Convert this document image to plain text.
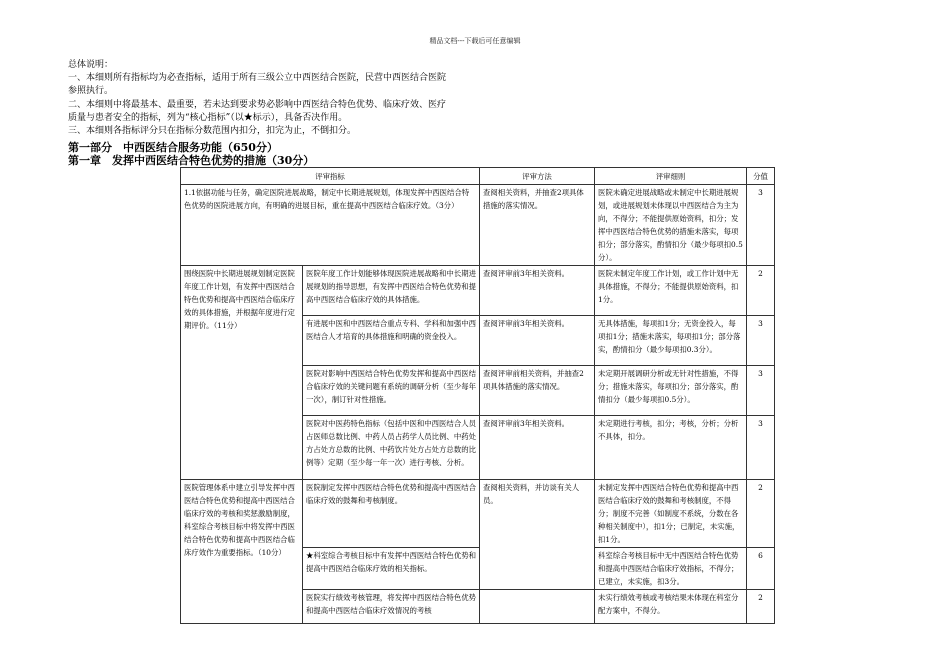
精品文档---下载后可任意编辑
总体说明：
一、本细则所有指标均为必查指标，适用于所有三级公立中西医结合医院，民营中西医结合医院
参照执行。
二、本细则中将最基本、最重要，若未达到要求势必影响中西医结合特色优势、临床疗效、医疗
质量与患者安全的指标，列为“核心指标”（以★标示），具备否决作用。
三、本细则各指标评分只在指标分数范围内扣分，扣完为止，不倒扣分。
第一部分　中西医结合服务功能（650分）
第一章　发挥中西医结合特色优势的措施（30分）
评审指标		评审方法	评审细则	分值
1.1依据功能与任务，确定医院进展战略，制定中长期进展规划，体现发挥中西医结合特色优势的医院进展方向，有明确的进展目标，重在提高中西医结合临床疗效。（3分）		查阅相关资料，并抽查2项具体措施的落实情况。	医院未确定进展战略或未制定中长期进展规划，或进展规划未体现以中西医结合为主为向，不得分；不能提供原始资料，扣分；发挥中西医结合特色优势的措施未落实，每项扣分；部分落实，酌情扣分（最少每项扣0.5分）。	3
围绕医院中长期进展规划制定医院年度工作计划，有发挥中西医结合特色优势和提高中西医结合临床疗效的具体措施，并根据年度进行定期评价。（11分）	医院年度工作计划能够体现医院进展战略和中长期进展规划的指导思想，有发挥中西医结合特色优势和提高中西医结合临床疗效的具体措施。	查阅评审前3年相关资料。	医院未制定年度工作计划，或工作计划中无具体措施，不得分；不能提供原始资料，扣1分。	2
	有进展中医和中西医结合重点专科、学科和加强中西医结合人才培育的具体措施和明确的资金投入。	查阅评审前3年相关资料。	无具体措施，每项扣1分；无资金投入，每项扣1分；措施未落实，每项扣1分；部分落实，酌情扣分（最少每项扣0.3分）。	3
	医院对影响中西医结合特色优势发挥和提高中西医结合临床疗效的关键问题有系统的调研分析（至少每年一次），制订针对性措施。	查阅评审前相关资料，并抽查2项具体措施的落实情况。	未定期开展调研分析或无针对性措施，不得分；措施未落实，每项扣分；部分落实，酌情扣分（最少每项扣0.5分）。	3
	医院对中医药特色指标（包括中医和中西医结合人员占医师总数比例、中药人员占药学人员比例、中药处方占处方总数的比例、中药饮片处方占处方总数的比例等）定期（至少每一年一次）进行考核、分析。	查阅评审前3年相关资料。	未定期进行考核，扣分；考核，分析；分析不具体，扣分。	3
医院管理体系中建立引导发挥中西医结合特色优势和提高中西医结合临床疗效的考核和奖惩激励制度，科室综合考核目标中将发挥中西医结合特色优势和提高中西医结合临床疗效作为重要指标。（10分）	医院制定发挥中西医结合特色优势和提高中西医结合临床疗效的鼓舞和考核制度。	查阅相关资料，并访谈有关人员。	未制定发挥中西医结合特色优势和提高中西医结合临床疗效的鼓舞和考核制度，不得分；制度不完善（如制度不系统，分数在各种相关制度中），扣1分；已制定，未实施，扣1分。	2
	★科室综合考核目标中有发挥中西医结合特色优势和提高中西医结合临床疗效的相关指标。		科室综合考核目标中无中西医结合特色优势和提高中西医结合临床疗效指标，不得分；已建立，未实施，扣3分。	6
	医院实行绩效考核管理，将发挥中西医结合特色优势和提高中西医结合临床疗效情况的考核		未实行绩效考核或考核结果未体现在科室分配方案中，不得分。	2
